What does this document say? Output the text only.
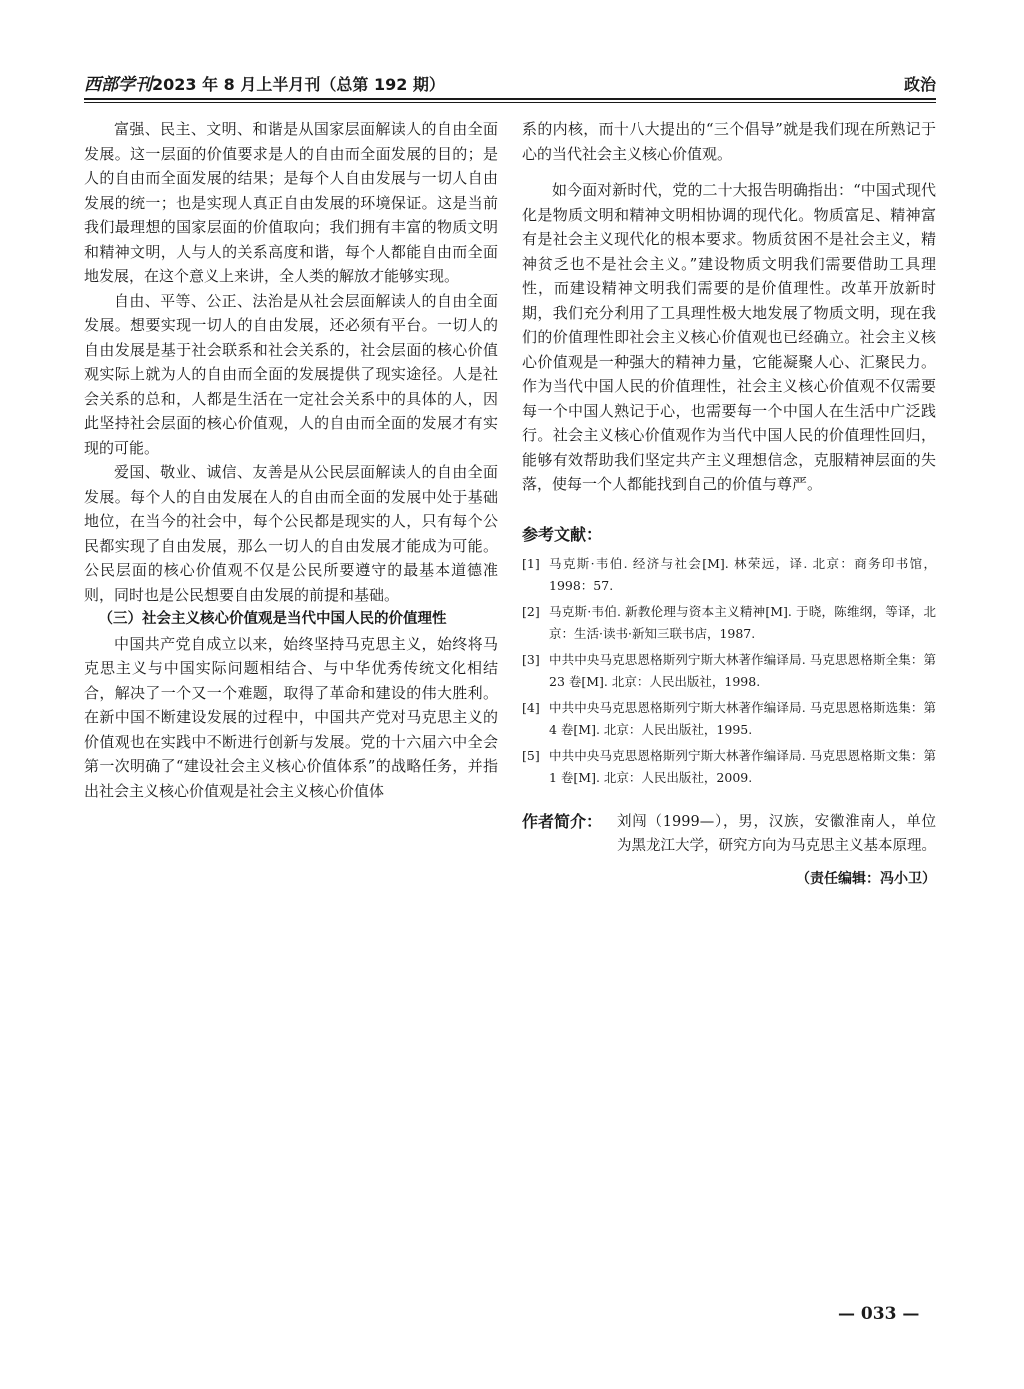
西部学刊2023 年 8 月上半月刊（总第 192 期）	政治

富强、民主、文明、和谐是从国家层面解读人的自由全面发展。这一层面的价值要求是人的自由而全面发展的目的；是人的自由而全面发展的结果；是每个人自由发展与一切人自由发展的统一；也是实现人真正自由发展的环境保证。这是当前我们最理想的国家层面的价值取向；我们拥有丰富的物质文明和精神文明，人与人的关系高度和谐，每个人都能自由而全面地发展，在这个意义上来讲，全人类的解放才能够实现。

自由、平等、公正、法治是从社会层面解读人的自由全面发展。想要实现一切人的自由发展，还必须有平台。一切人的自由发展是基于社会联系和社会关系的，社会层面的核心价值观实际上就为人的自由而全面的发展提供了现实途径。人是社会关系的总和，人都是生活在一定社会关系中的具体的人，因此坚持社会层面的核心价值观，人的自由而全面的发展才有实现的可能。

爱国、敬业、诚信、友善是从公民层面解读人的自由全面发展。每个人的自由发展在人的自由而全面的发展中处于基础地位，在当今的社会中，每个公民都是现实的人，只有每个公民都实现了自由发展，那么一切人的自由发展才能成为可能。公民层面的核心价值观不仅是公民所要遵守的最基本道德准则，同时也是公民想要自由发展的前提和基础。

（三）社会主义核心价值观是当代中国人民的价值理性

中国共产党自成立以来，始终坚持马克思主义，始终将马克思主义与中国实际问题相结合、与中华优秀传统文化相结合，解决了一个又一个难题，取得了革命和建设的伟大胜利。在新中国不断建设发展的过程中，中国共产党对马克思主义的价值观也在实践中不断进行创新与发展。党的十六届六中全会第一次明确了“建设社会主义核心价值体系”的战略任务，并指出社会主义核心价值观是社会主义核心价值体

系的内核，而十八大提出的“三个倡导”就是我们现在所熟记于心的当代社会主义核心价值观。

如今面对新时代，党的二十大报告明确指出：“中国式现代化是物质文明和精神文明相协调的现代化。物质富足、精神富有是社会主义现代化的根本要求。物质贫困不是社会主义，精神贫乏也不是社会主义。”建设物质文明我们需要借助工具理性，而建设精神文明我们需要的是价值理性。改革开放新时期，我们充分利用了工具理性极大地发展了物质文明，现在我们的价值理性即社会主义核心价值观也已经确立。社会主义核心价值观是一种强大的精神力量，它能凝聚人心、汇聚民力。作为当代中国人民的价值理性，社会主义核心价值观不仅需要每一个中国人熟记于心，也需要每一个中国人在生活中广泛践行。社会主义核心价值观作为当代中国人民的价值理性回归，能够有效帮助我们坚定共产主义理想信念，克服精神层面的失落，使每一个人都能找到自己的价值与尊严。

参考文献：
[1] 马克斯·韦伯. 经济与社会[M]. 林荣远，译. 北京：商务印书馆，1998：57.
[2] 马克斯·韦伯. 新教伦理与资本主义精神[M]. 于晓，陈维纲，等译，北京：生活·读书·新知三联书店，1987.
[3] 中共中央马克思恩格斯列宁斯大林著作编译局. 马克思恩格斯全集：第 23 卷[M]. 北京：人民出版社，1998.
[4] 中共中央马克思恩格斯列宁斯大林著作编译局. 马克思恩格斯选集：第 4 卷[M]. 北京：人民出版社，1995.
[5] 中共中央马克思恩格斯列宁斯大林著作编译局. 马克思恩格斯文集：第 1 卷[M]. 北京：人民出版社，2009.
作者简介：	刘闯（1999—），男，汉族，安徽淮南人，单位为黑龙江大学，研究方向为马克思主义基本原理。
（责任编辑：冯小卫）
— 033 —
